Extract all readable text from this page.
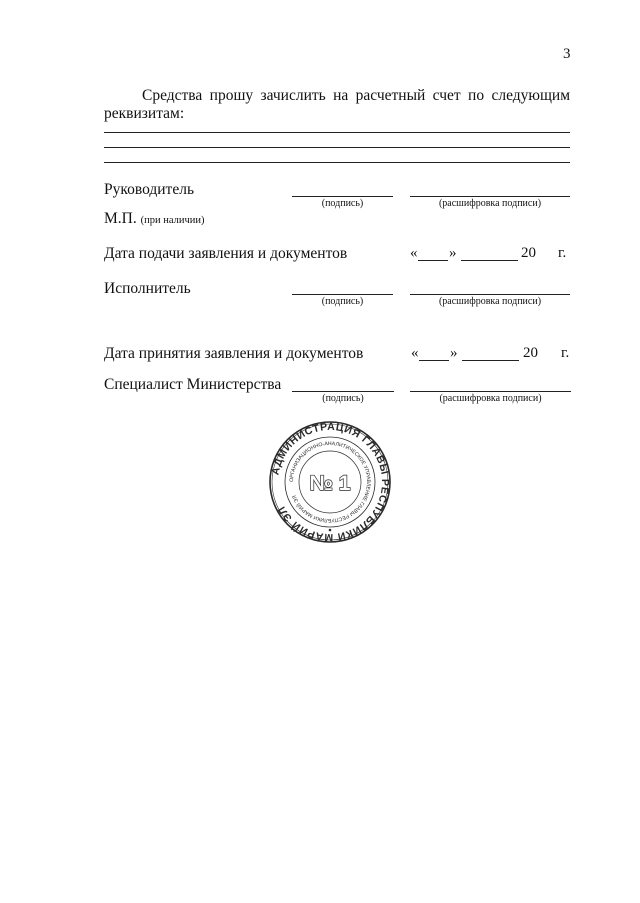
3
Средства прошу зачислить на расчетный счет по следующим
реквизитам:
Руководитель
(подпись)	(расшифровка подписи)
М.П. (при наличии)
Дата подачи заявления и документов	« »	20 г.
Исполнитель
(подпись)	(расшифровка подписи)
Дата принятия заявления и документов	« »	20 г.
Специалист Министерства
(подпись)	(расшифровка подписи)
АДМИНИСТРАЦИЯ ГЛАВЫ РЕСПУБЛИКИ МАРИЙ ЭЛ
ОРГАНИЗАЦИОННО-АНАЛИТИЧЕСКОЕ УПРАВЛЕНИЕ ГЛАВЫ РЕСПУБЛИКИ МАРИЙ ЭЛ
№ 1
